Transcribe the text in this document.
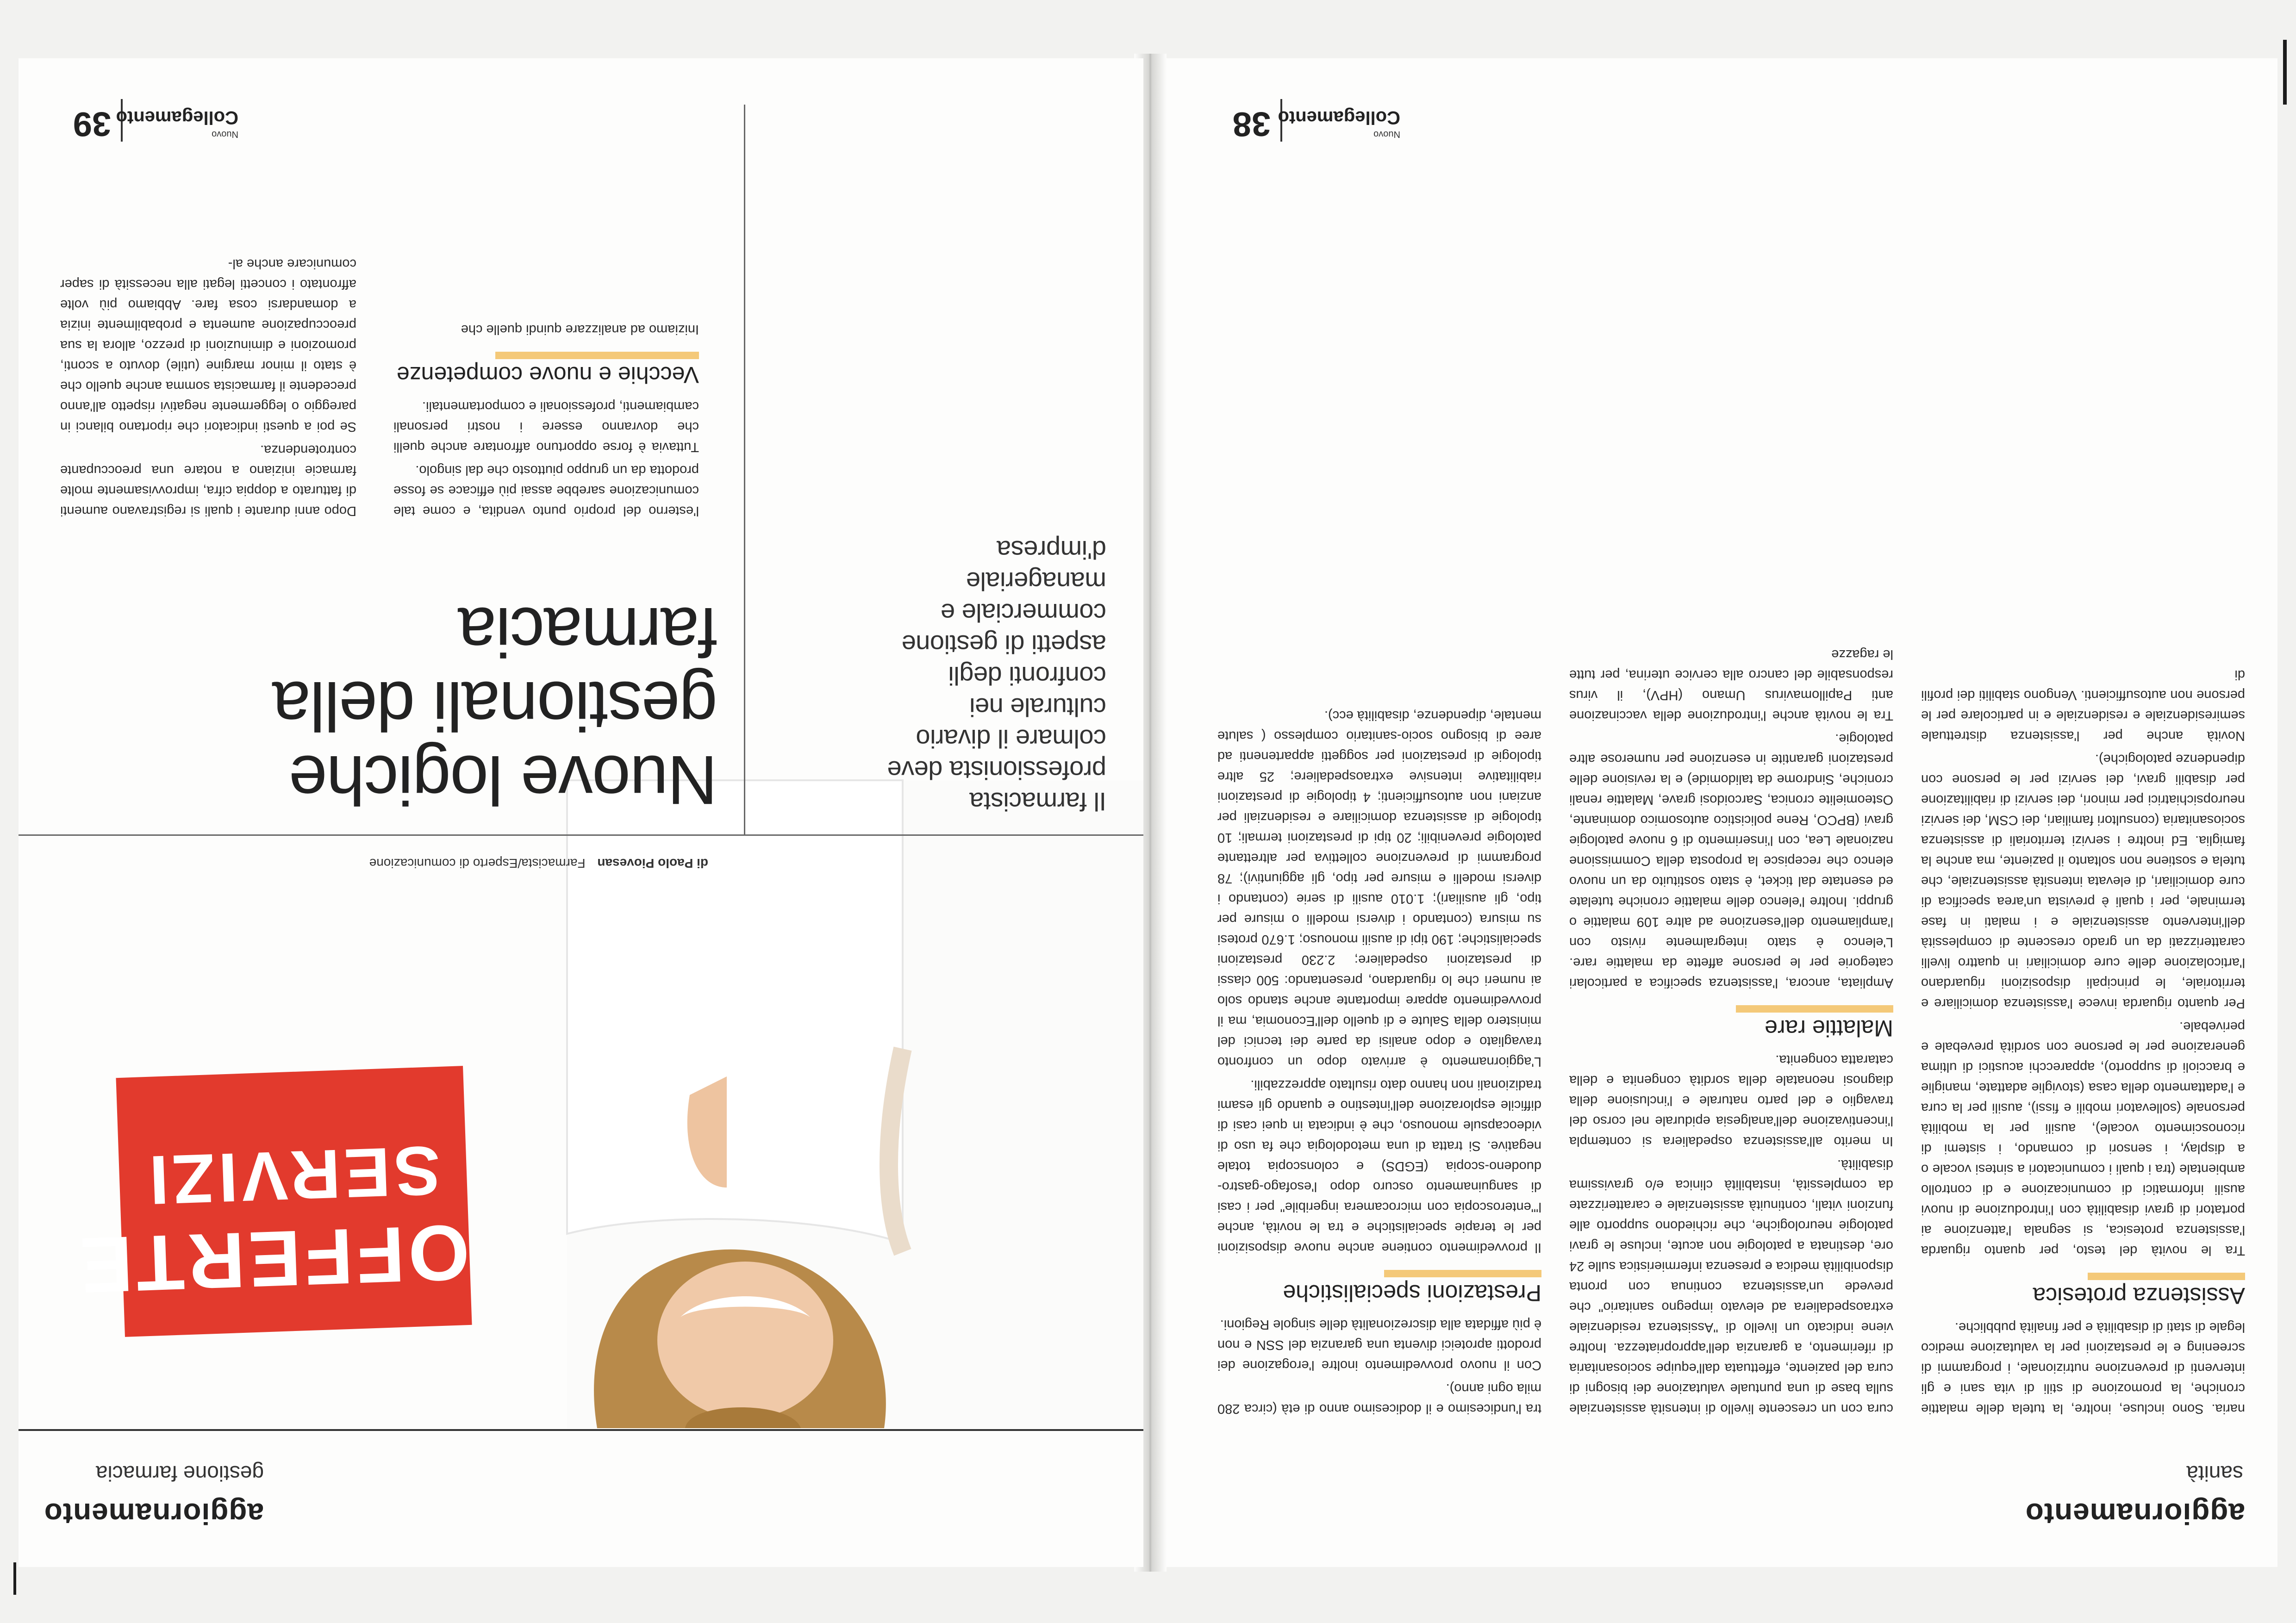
aggiornamento
sanità

naria. Sono incluse, inoltre, la tutela delle malattie croniche, la promozione di stili di vita sani e gli interventi di prevenzione nutrizionale, i programmi di screening e le prestazioni per la valutazione medico legale di stati di disabilità e per finalità pubbliche.

Assistenza protesica

Tra le novità del testo, per quanto riguarda l'assistenza protesica, si segnala l'attenzione ai portatori di gravi disabilità con l'introduzione di nuovi ausili informatici di comunicazione e di controllo ambientale (tra i quali i comunicatori a sintesi vocale o a display, i sensori di comando, i sistemi di riconoscimento vocale), ausili per la mobilità personale (sollevatori mobili e fissi), ausili per la cura e l'adattamento della casa (stoviglie adattate, maniglie e braccioli di supporto), apparecchi acustici di ultima generazione per le persone con sordità prevebale e perivebale.

Per quanto riguarda invece l'assistenza domiciliare e territoriale, le principali disposizioni riguardano l'articolazione delle cure domiciliari in quattro livelli caratterizzati da un grado crescente di complessità dell'intervento assistenziale e i malati in fase terminale, per i quali è prevista un'area specifica di cure domiciliari, di elevata intensità assistenziale, che tutela e sostiene non soltanto il paziente, ma anche la famiglia. Ed inoltre i servizi territoriali di assistenza sociosanitaria (consultori familiari, dei CSM, dei servizi neuropsichiatrici per minori, dei servizi di riabilitazione per disabili gravi, dei servizi per le persone con dipendenze patologiche).

Novità anche per l'assistenza distrettuale semiresidenziale e residenziale e in particolare per le persone non autosufficienti. Vengono stabiliti dei profili di

cura con un crescente livello di intensità assistenziale sulla base di una puntuale valutazione dei bisogni di cura del paziente, effettuata dall'equipe sociosanitaria di riferimento, a garanzia dell'appropriatezza. Inoltre viene indicato un livello di "Assistenza residenziale extraospedaliera ad elevato impegno sanitario" che prevede un'assistenza continua con pronta disponibilità medica e presenza infermieristica sulle 24 ore, destinata a patologie non acute, incluse le gravi patologie neurologiche, che richiedono supporto alle funzioni vitali, continuità assistenziale e caratterizzate da complessità, instabilità clinica e/o gravissima disabilità.

In merito all'assistenza ospedaliera si contempla l'incentivazione dell'analgesia epidurale nel corso del travaglio e del parto naturale e l'inclusione della diagnosi neonatale della sordità congenita e della cataratta congenita.

Malattie rare

Ampliata, ancora, l'assistenza specifica a particolari categorie per le persone affette da malattie rare. L'elenco è stato integralmente rivisto con l'ampliamento dell'esenzione ad altre 109 malattie o gruppi. Inoltre l'elenco delle malattie croniche tutelate ed esentate dal ticket, è stato sostituito da un nuovo elenco che recepisce la proposta della Commissione nazionale Lea, con l'inserimento di 6 nuove patologie gravi (BPCO, Rene policistico autosomico dominante, Osteomielite cronica, Sarcoidosi grave, Malattie renali croniche, Sindrome da talidomide) e la revisione delle prestazioni garantite in esenzione per numerose altre patologie.

Tra le novità anche l'introduzione della vaccinazione anti Papillomavirus Umano (HPV), il virus responsabile del cancro alla cervice uterina, per tutte le ragazze

tra l'undicesimo e il dodicesimo anno di età (circa 280 mila ogni anno).

Con il nuovo provvedimento inoltre l'erogazione dei prodotti aproteici diventa una garanzia del SSN e non è più affidata alla discrezionalità delle singole Regioni.

Prestazioni specialistiche

Il provvedimento contiene anche nuove disposizioni per le terapie specialistiche e tra le novità, anche l'"enteroscopia con microcamera ingeribile" per i casi di sanguinamento oscuro dopo l'esofago-gastro-duodeno-scopia (EGDS) e colonscopia totale negative. Si tratta di una metodologia che fa uso di videocapsule monouso, che è indicata in quei casi di difficile esplorazione dell'intestino e quando gli esami tradizionali non hanno dato risultato apprezzabili.

L'aggiornamento è arrivato dopo un confronto travagliato e dopo analisi da parte dei tecnici del ministero della Salute e di quello dell'Economia, ma il provvedimento appare importante anche stando solo ai numeri che lo riguardano, presentando: 500 classi di prestazioni ospedaliere; 2.230 prestazioni specialistiche; 190 tipi di ausili monouso; 1.670 protesi su misura (contando i diversi modelli o misure per tipo, gli ausiliari); 1.010 ausili di serie (contando i diversi modelli e misure per tipo, gli aggiuntivi); 78 programmi di prevenzione collettiva per altrettante patologie prevenibili; 20 tipi di prestazioni termali; 10 tipologie di assistenza domiciliare e residenziali per anziani non autosufficienti; 4 tipologie di prestazioni riabilitative intensive extraospedaliere; 25 altre tipologie di prestazioni per soggetti appartenenti ad aree di bisogno socio-sanitario complesso ( salute mentale, dipendenze, disabilità ecc).

Nuovo
Collegamento
38
aggiornamento
gestione farmacia
OFFERTE
SERVIZI
di Paolo Piovesan Farmacista/Esperto di comunicazione
Il farmacista
professionista deve
colmare il divario
culturale nei
confronti degli
aspetti di gestione
commerciale e
manageriale
d'impresa
Nuove logiche
gestionali della
farmacia

Dopo anni durante i quali si registravano aumenti di fatturato a doppia cifra, improvvisamente molte farmacie iniziano a notare una preoccupante controtendenza.

Se poi a questi indicatori che riportano bilanci in pareggio o leggermente negativi rispetto all'anno precedente il farmacista somma anche quello che è stato il minor margine (utile) dovuto a sconti, promozioni e diminuzioni di prezzo, allora la sua preoccupazione aumenta e probabilmente inizia a domandarsi cosa fare. Abbiamo più volte affrontato i concetti legati alla necessità di saper comunicare anche al-

l'esterno del proprio punto vendita, e come tale comunicazione sarebbe assai più efficace se fosse prodotta da un gruppo piuttosto che dal singolo.

Tuttavia è forse opportuno affrontare anche quelli che dovranno essere i nostri personali cambiamenti, professionali e comportamentali.

Vecchie e nuove competenze

Iniziamo ad analizzare quindi quelle che

39	Nuovo
Collegamento
